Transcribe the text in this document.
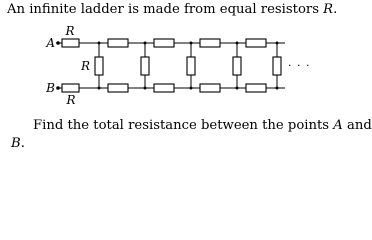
An infinite ladder is made from equal resistors R.
R
R
R
A
B
· · ·
Find the total resistance between the points A and
B.
